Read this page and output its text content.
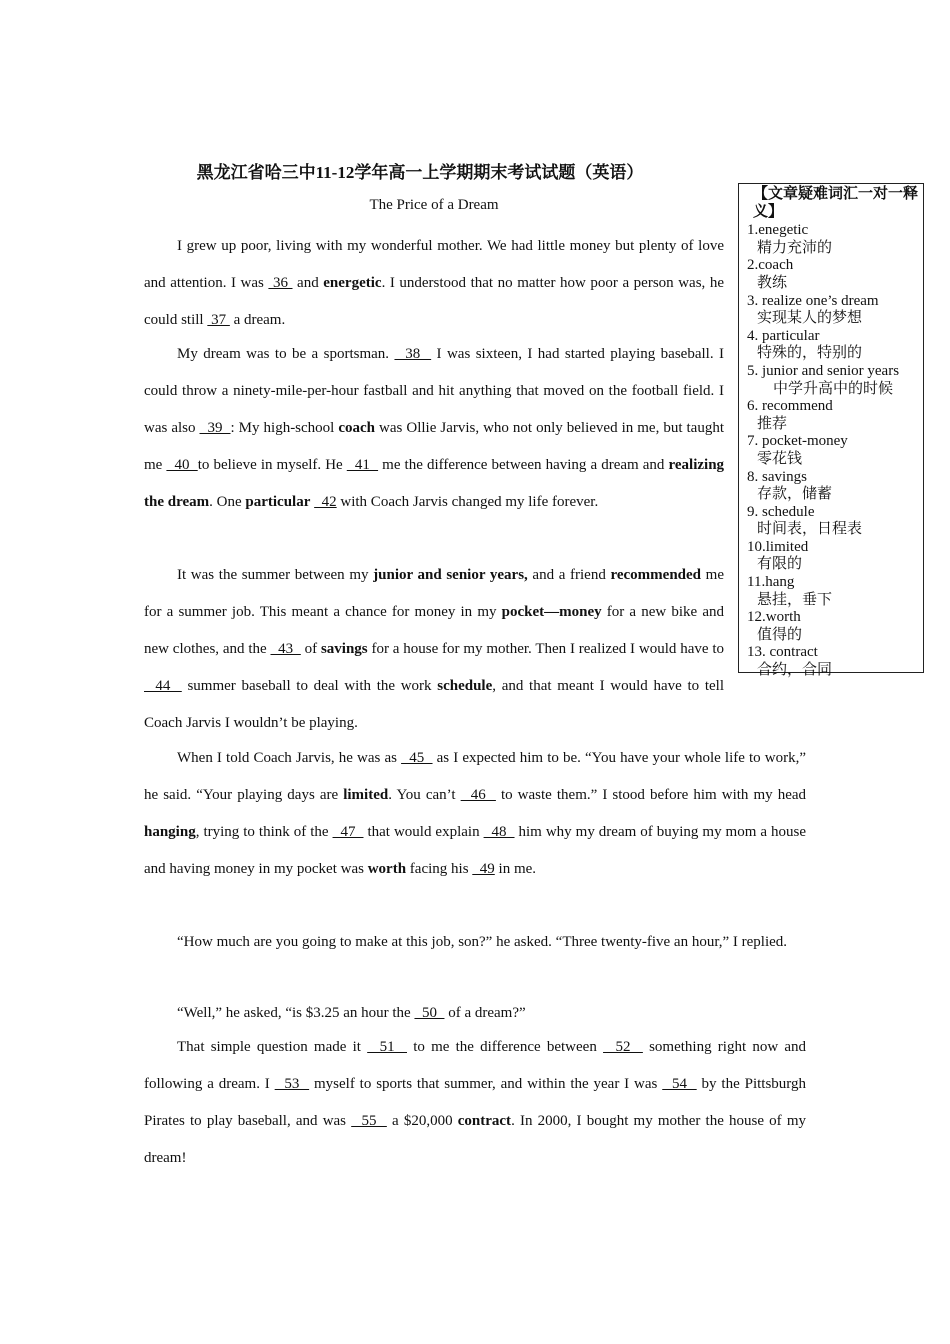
黑龙江省哈三中11-12学年高一上学期期末考试试题（英语）
The Price of a Dream

I grew up poor, living with my wonderful mother. We had little money but plenty of love and attention. I was  36  and energetic. I understood that no matter how poor a person was, he could still  37  a dream.

My dream was to be a sportsman.   38   I was sixteen, I had started playing baseball. I could throw a ninety-mile-per-hour fastball and hit anything that moved on the football field. I was also   39  : My high-school coach was Ollie Jarvis, who not only believed in me, but taught me   40  to believe in myself. He   41   me the difference between having a dream and realizing the dream. One particular   42 with Coach Jarvis changed my life forever.

It was the summer between my junior and senior years, and a friend recommended me for a summer job. This meant a chance for money in my pocket—money for a new bike and new clothes, and the   43   of savings for a house for my mother. Then I realized I would have to   44   summer baseball to deal with the work schedule, and that meant I would have to tell Coach Jarvis I wouldn’t be playing.

When I told Coach Jarvis, he was as   45   as I expected him to be. “You have your whole life to work,” he said. “Your playing days are limited. You can’t   46   to waste them.” I stood before him with my head hanging, trying to think of the   47   that would explain   48   him why my dream of buying my mom a house and having money in my pocket was worth facing his   49 in me.

“How much are you going to make at this job, son?” he asked. “Three twenty-five an hour,” I replied.

“Well,” he asked, “is $3.25 an hour the   50   of a dream?”

That simple question made it   51   to me the difference between   52   something right now and following a dream. I   53   myself to sports that summer, and within the year I was   54   by the Pittsburgh Pirates to play baseball, and was   55   a $20,000 contract. In 2000, I bought my mother the house of my dream!

【文章疑难词汇一对一释义】
1.enegetic
精力充沛的
2.coach
教练
3. realize one’s dream
实现某人的梦想
4. particular
特殊的，特别的
5. junior and senior years
中学升高中的时候
6. recommend
推荐
7. pocket-money
零花钱
8. savings
存款，储蓄
9. schedule
时间表，日程表
10.limited
有限的
11.hang
悬挂，垂下
12.worth
值得的
13. contract
合约，合同
